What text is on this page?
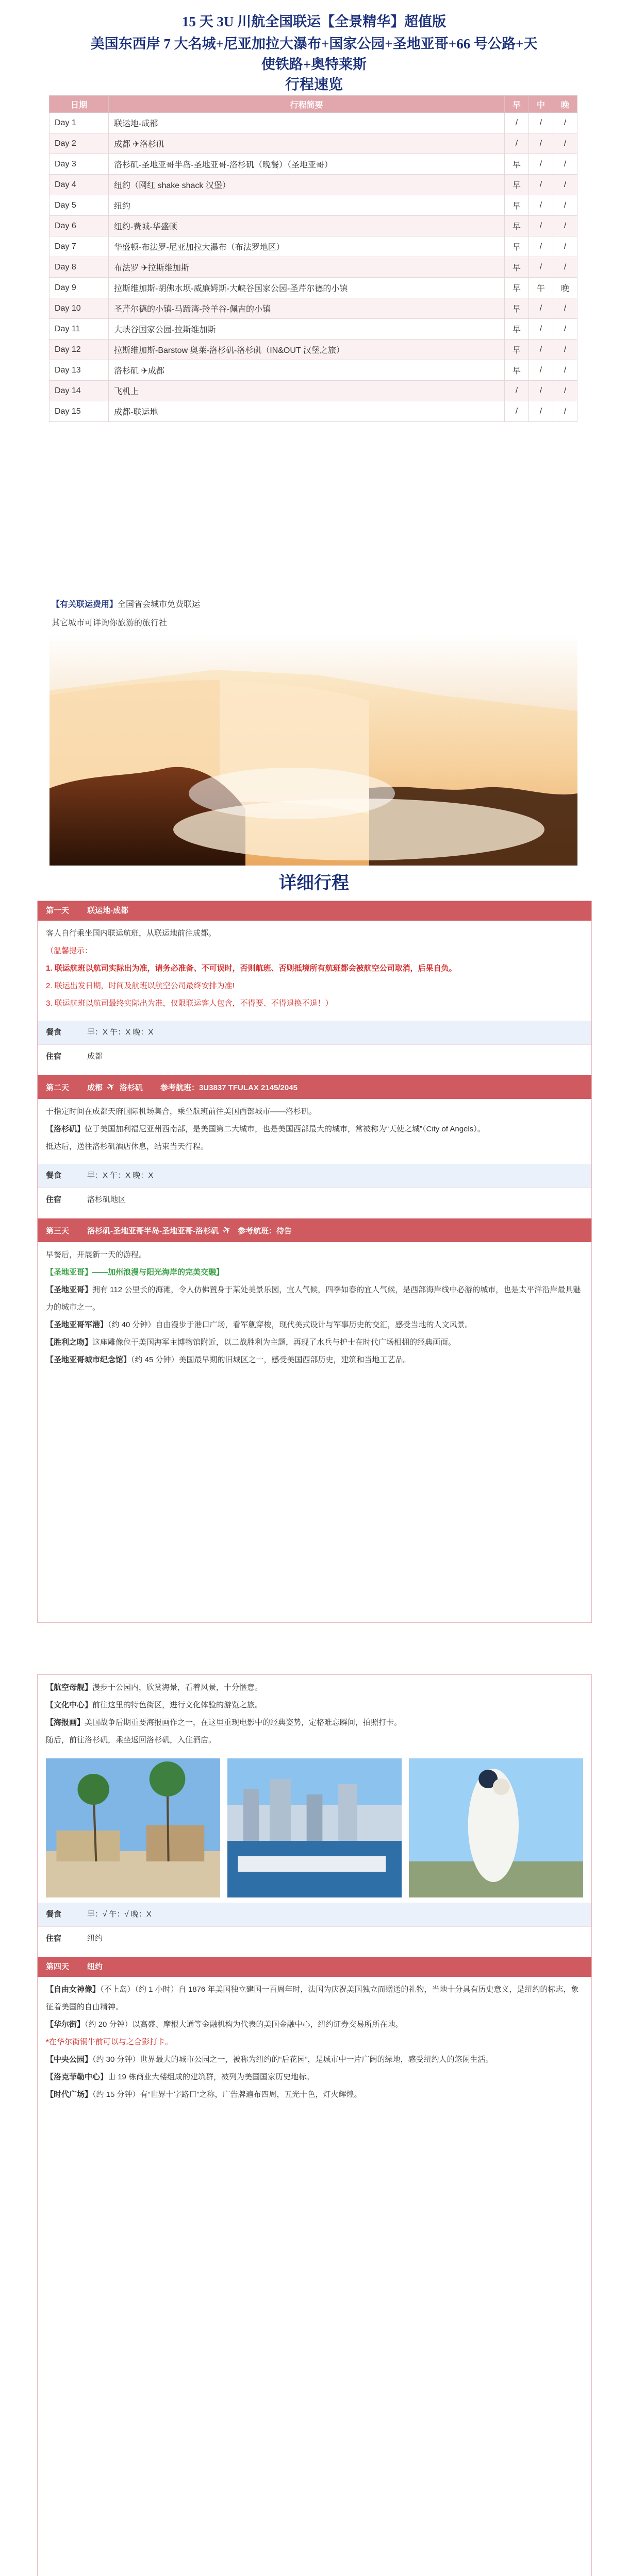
15 天 3U 川航全国联运【全景精华】超值版
美国东西岸 7 大名城+尼亚加拉大瀑布+国家公园+圣地亚哥+66 号公路+天
使铁路+奥特莱斯
行程速览
日期	行程简要	早	中	晚
Day 1	联运地-成都	/	/	/
Day 2	成都 ✈洛杉矶	/	/	/
Day 3	洛杉矶-圣地亚哥半岛-圣地亚哥-洛杉矶（晚餐）（圣地亚哥）	早	/	/
Day 4	纽约（网红 shake shack 汉堡）	早	/	/
Day 5	纽约	早	/	/
Day 6	纽约-费城-华盛顿	早	/	/
Day 7	华盛顿-布法罗-尼亚加拉大瀑布（布法罗地区）	早	/	/
Day 8	布法罗 ✈拉斯维加斯	早	/	/
Day 9	拉斯维加斯-胡佛水坝-威廉姆斯-大峡谷国家公园-圣芹尔德的小镇	早	午	晚
Day 10	圣芹尔德的小镇-马蹄湾-羚羊谷-佩吉的小镇	早	/	/
Day 11	大峡谷国家公园-拉斯维加斯	早	/	/
Day 12	拉斯维加斯-Barstow 奥莱-洛杉矶-洛杉矶（IN&OUT 汉堡之旅）	早	/	/
Day 13	洛杉矶 ✈成都	早	/	/
Day 14	飞机上	/	/	/
Day 15	成都-联运地	/	/	/
【有关联运费用】全国省会城市免费联运
其它城市可详询你旅游的旅行社
详细行程
第一天 联运地-成都

客人自行乘坐国内联运航班，从联运地前往成都。

（温馨提示：

1. 联运航班以航司实际出为准，请务必准备、不可误时，否则航班、否则抵境所有航班都会被航空公司取消，后果自负。

2. 联运出发日期，时间及航班以航空公司最终安排为准!

3. 联运航班以航司最终实际出为准，仅限联运客人包含，不得要、不得退换不退！）

餐食	早：X 午：X 晚：X
住宿	成都
第二天 成都 ✈ 洛杉矶 参考航班：3U3837 TFULAX 2145/2045

于指定时间在成都天府国际机场集合，乘坐航班前往美国西部城市——洛杉矶。

【洛杉矶】位于美国加利福尼亚州西南部，是美国第二大城市，也是美国西部最大的城市，常被称为“天使之城”（City of Angels）。

抵达后，送往洛杉矶酒店休息，结束当天行程。

餐食	早：X 午：X 晚：X
住宿	洛杉矶地区
第三天 洛杉矶-圣地亚哥半岛-圣地亚哥-洛杉矶 ✈ 参考航班：待告

早餐后，开展新一天的游程。

【圣地亚哥】——加州浪漫与阳光海岸的完美交融】

【圣地亚哥】拥有 112 公里长的海滩，令人仿佛置身于某处美景乐园，宜人气候，四季如春的宜人气候，是西部海岸线中必游的城市，也是太平洋沿岸最具魅力的城市之一。

【圣地亚哥军港】（约 40 分钟）自由漫步于港口广场，看军舰穿梭，现代美式设计与军事历史的交汇，感受当地的人文风景。

【胜利之吻】这座雕像位于美国海军主博物馆附近，以二战胜利为主题，再现了水兵与护士在时代广场相拥的经典画面。

【圣地亚哥城市纪念馆】（约 45 分钟）美国最早期的旧城区之一，感受美国西部历史，建筑和当地工艺品。

【航空母舰】漫步于公园内，欣赏海景，看着风景，十分惬意。

【文化中心】前往这里的特色街区，进行文化体验的游览之旅。

【海报画】美国战争后期重要海报画作之一，在这里重现电影中的经典姿势，定格难忘瞬间，拍照打卡。

随后，前往洛杉矶，乘坐返回洛杉矶，入住酒店。

餐食	早：√ 午：√ 晚：X
住宿	纽约
第四天 纽约

【自由女神像】（不上岛）（约 1 小时）自 1876 年美国独立建国一百周年时，法国为庆祝美国独立而赠送的礼物，当地十分具有历史意义，是纽约的标志，象征着美国的自由精神。

【华尔街】（约 20 分钟）以高盛、摩根大通等金融机构为代表的美国金融中心，纽约证券交易所所在地。

*在华尔街铜牛前可以与之合影打卡。

【中央公园】（约 30 分钟）世界最大的城市公园之一，被称为纽约的“后花园”，是城市中一片广阔的绿地，感受纽约人的悠闲生活。

【洛克菲勒中心】由 19 栋商业大楼组成的建筑群，被列为美国国家历史地标。

【时代广场】（约 15 分钟）有“世界十字路口”之称，广告牌遍布四周，五光十色，灯火辉煌。
